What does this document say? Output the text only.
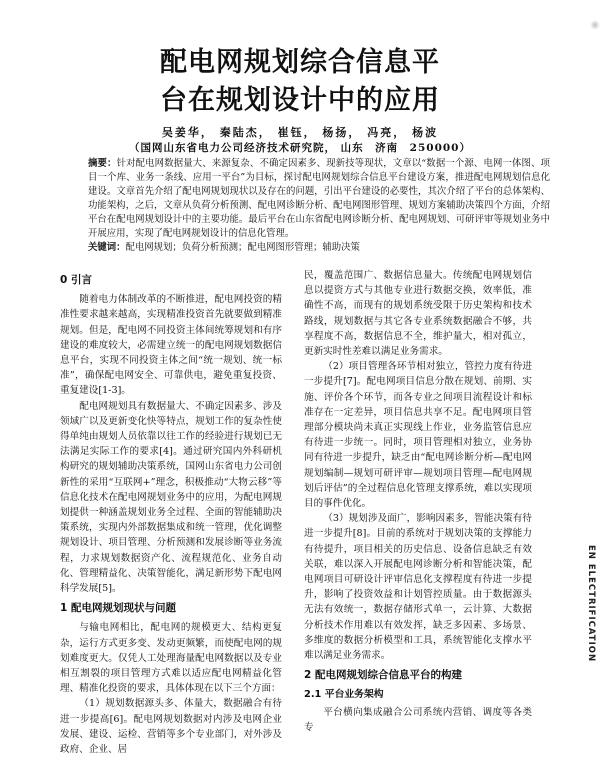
配电网规划综合信息平
台在规划设计中的应用
吴姜华， 秦陆杰， 崔钰， 杨扬， 冯亮， 杨波
（国网山东省电力公司经济技术研究院， 山东　济南　250000）
摘要：针对配电网数据量大、来源复杂、不确定因素多、现新技等现状，文章以“数据一个源、电网一体图、项目一个库、业务一条线、应用一平台”为目标，探讨配电网规划综合信息平台建设方案，推进配电网规划信息化建设。文章首先介绍了配电网规划现状以及存在的问题，引出平台建设的必要性，其次介绍了平台的总体架构、功能架构，之后，文章从负荷分析预测、配电网诊断分析、配电网图形管理、规划方案辅助决策四个方面，介绍平台在配电网规划设计中的主要功能。最后平台在山东省配电网诊断分析、配电网规划、可研评审等规划业务中开展应用，实现了配电网规划设计的信息化管理。
关键词：配电网规划；负荷分析预测；配电网图形管理；辅助决策
0 引言
随着电力体制改革的不断推进，配电网投资的精准性要求越来越高，实现精准投资首先就要做到精准规划。但是，配电网不同投资主体间统筹规划和有序建设的难度较大，必需建立统一的配电网规划数据信息平台，实现不同投资主体之间“统一规划、统一标准”，确保配电网安全、可靠供电，避免重复投资、重复建设[1-3]。
配电网规划具有数据量大、不确定因素多、涉及领域广以及更新变化快等特点，规划工作的复杂性使得单纯由规划人员依靠以往工作的经验进行规划已无法满足实际工作的要求[4]。通过研究国内外科研机构研究的规划辅助决策系统，国网山东省电力公司创新性的采用“互联网+”理念，积极推动“大物云移”等信息化技术在配电网规划业务中的应用，为配电网规划提供一种涵盖规划业务全过程、全面的智能辅助决策系统，实现内外部数据集成和统一管理，优化调整规划设计、项目管理、分析预测和发展诊断等业务流程，力求规划数据资产化、流程规范化、业务自动化、管理精益化、决策智能化，满足新形势下配电网科学发展[5]。
1 配电网规划现状与问题
与输电网相比，配电网的规模更大、结构更复杂，运行方式更多变、发动更频繁，而使配电网的规划难度更大。仅凭人工处理海量配电网数据以及专业相互割裂的项目管理方式难以适应配电网精益化管理、精准化投资的要求，具体体现在以下三个方面：
（1）规划数据源头多、体量大，数据融合有待进一步提高[6]。配电网规划数据对内涉及电网企业发展、建设、运检、营销等多个专业部门，对外涉及政府、企业、居
民，覆盖范围广、数据信息量大。传统配电网规划信息以提资方式与其他专业进行数据交换，效率低，准确性不高，而现有的规划系统受限于历史架构和技术路线，规划数据与其它各专业系统数据融合不够，共享程度不高，数据信息不全，维护量大，相对孤立，更新实时性差难以满足业务需求。
（2）项目管理各环节相对独立，管控力度有待进一步提升[7]。配电网项目信息分散在规划、前期、实施、评价各个环节，而各专业之间项目流程设计和标准存在一定差异，项目信息共享不足。配电网项目管理部分模块尚未真正实现线上作业，业务监管信息应有待进一步统一。同时，项目管理相对独立，业务协同有待进一步提升，缺乏由“配电网诊断分析—配电网规划编制—规划可研评审—规划项目管理—配电网规划后评估”的全过程信息化管理支撑系统，难以实现项目的事件优化。
（3）规划涉及面广，影响因素多，智能决策有待进一步提升[8]。目前的系统对于规划决策的支撑能力有待提升，项目相关的历史信息、设备信息缺乏有效关联，难以深入开展配电网诊断分析和智能决策，配电网项目可研设计评审信息化支撑程度有待进一步提升，影响了投资效益和计划管控质量。由于数据源头无法有效统一，数据存储形式单一，云计算、大数据分析技术作用难以有效发挥，缺乏多因素、多场景、多维度的数据分析模型和工具，系统智能化支撑水平难以满足业务需求。
2 配电网规划综合信息平台的构建
2.1 平台业务架构
平台横向集成融合公司系统内营销、调度等各类专
EN ELECTRIFICATION
